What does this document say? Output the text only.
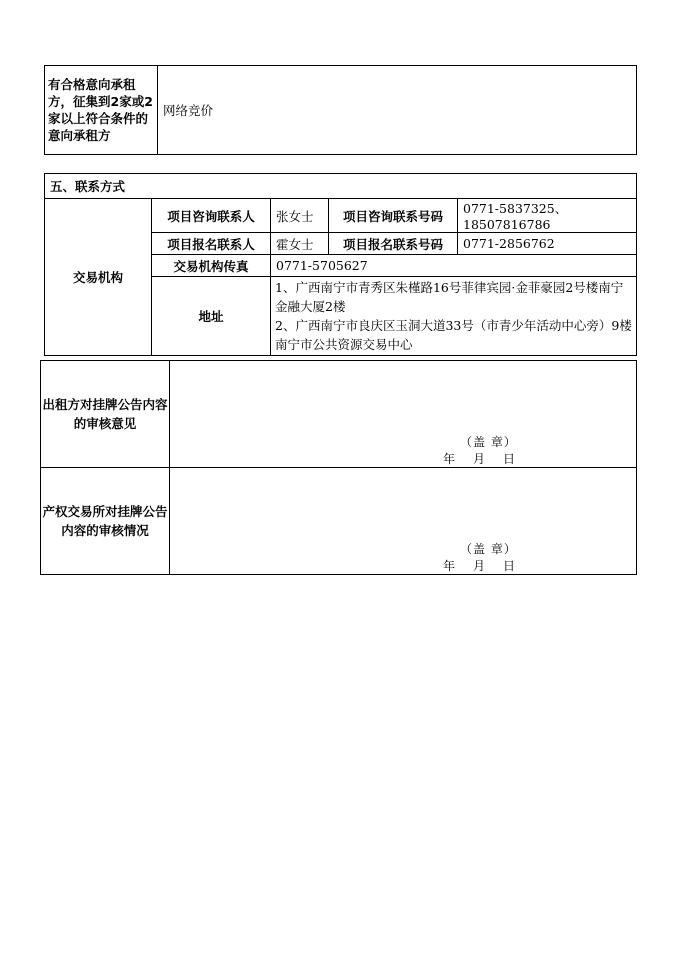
有合格意向承租方，征集到2家或2家以上符合条件的意向承租方	网络竞价
五、联系方式				
交易机构	项目咨询联系人	张女士	项目咨询联系号码	0771-5837325、18507816786
	项目报名联系人	霍女士	项目报名联系号码	0771-2856762
	交易机构传真	0771-5705627		
	地址	1、广西南宁市青秀区朱槿路16号菲律宾园·金菲豪园2号楼南宁金融大厦2楼
2、广西南宁市良庆区玉洞大道33号（市青少年活动中心旁）9楼南宁市公共资源交易中心		
出租方对挂牌公告内容的审核意见	（盖 章）
年 月 日

产权交易所对挂牌公告内容的审核情况	（盖 章）
年 月 日
